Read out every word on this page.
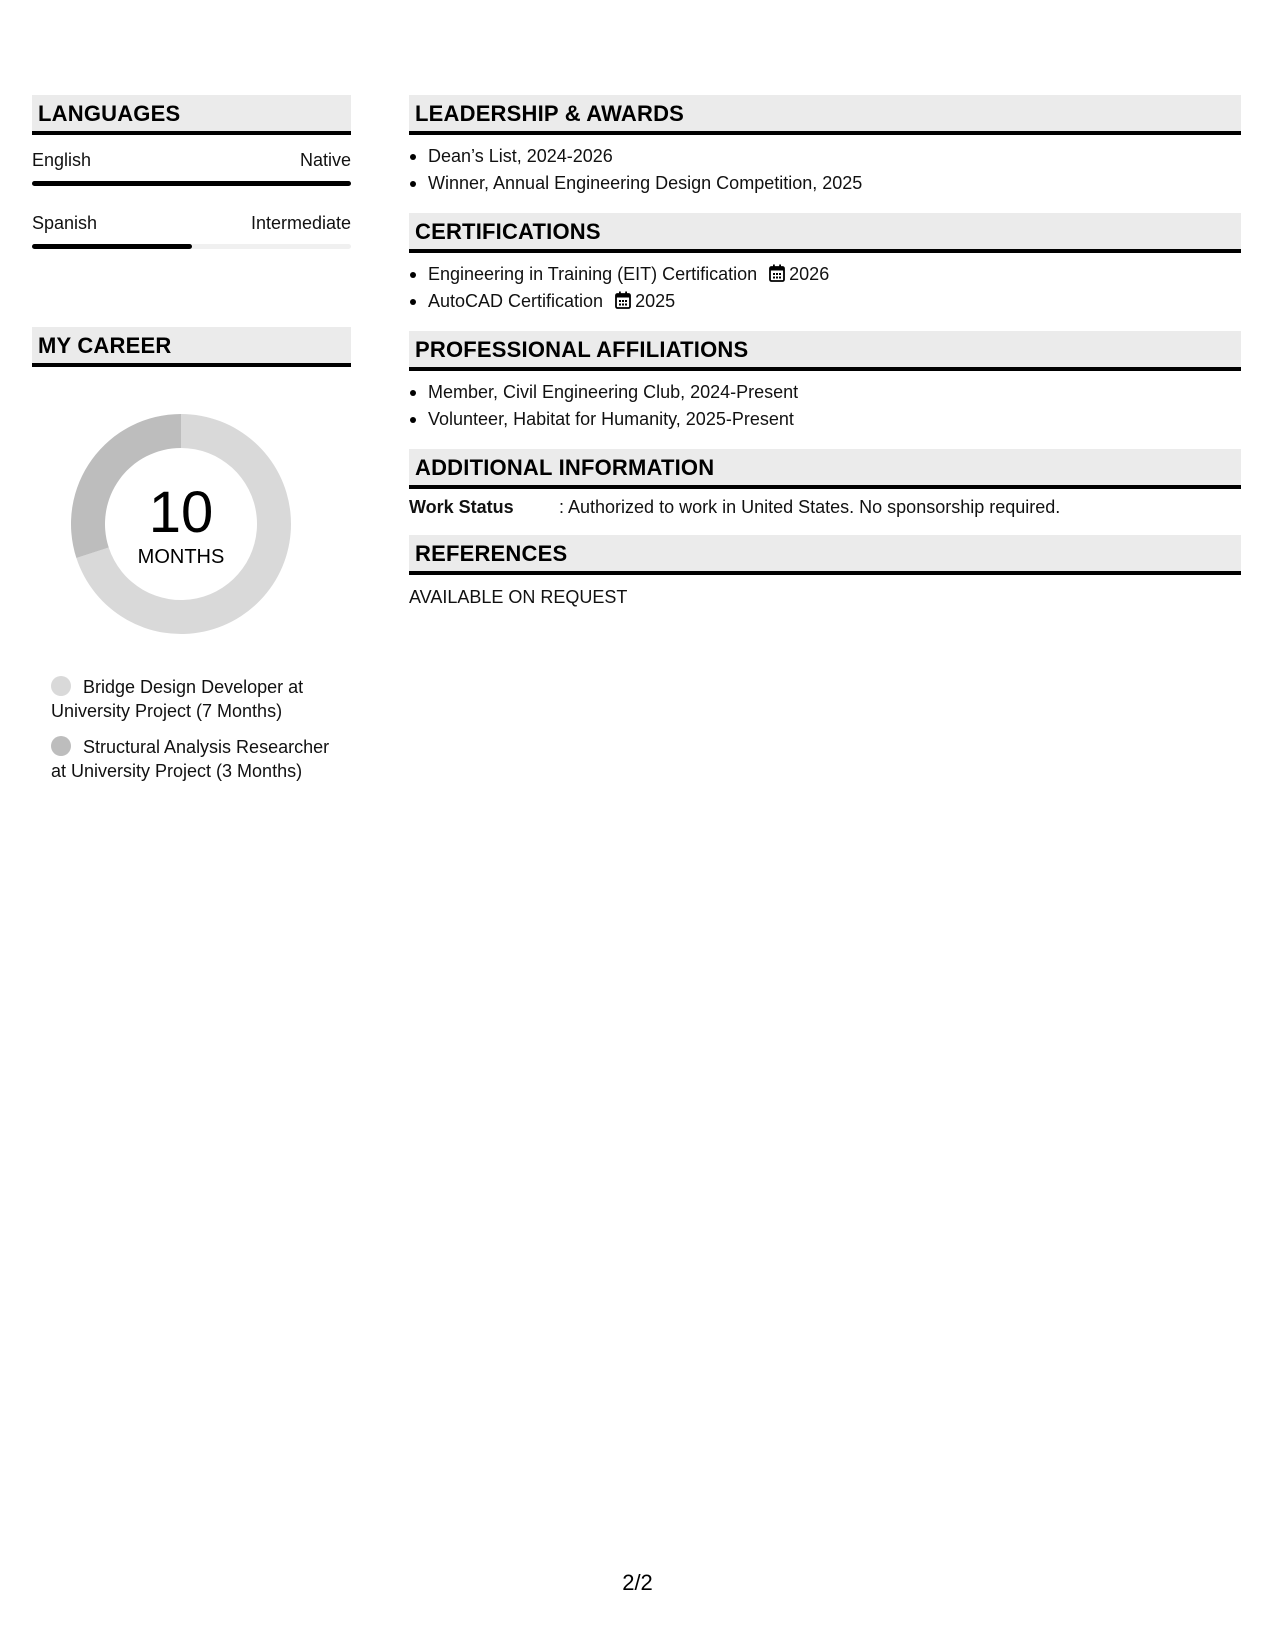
LANGUAGES
English	Native
Spanish	Intermediate
MY CAREER
10
MONTHS
Bridge Design Developer at University Project (7 Months)
Structural Analysis Researcher at University Project (3 Months)
LEADERSHIP & AWARDS
Dean’s List, 2024-2026
Winner, Annual Engineering Design Competition, 2025
CERTIFICATIONS
Engineering in Training (EIT) Certification 2026
AutoCAD Certification 2025
PROFESSIONAL AFFILIATIONS
Member, Civil Engineering Club, 2024-Present
Volunteer, Habitat for Humanity, 2025-Present
ADDITIONAL INFORMATION
Work Status	: Authorized to work in United States. No sponsorship required.
REFERENCES
AVAILABLE ON REQUEST
2/2
